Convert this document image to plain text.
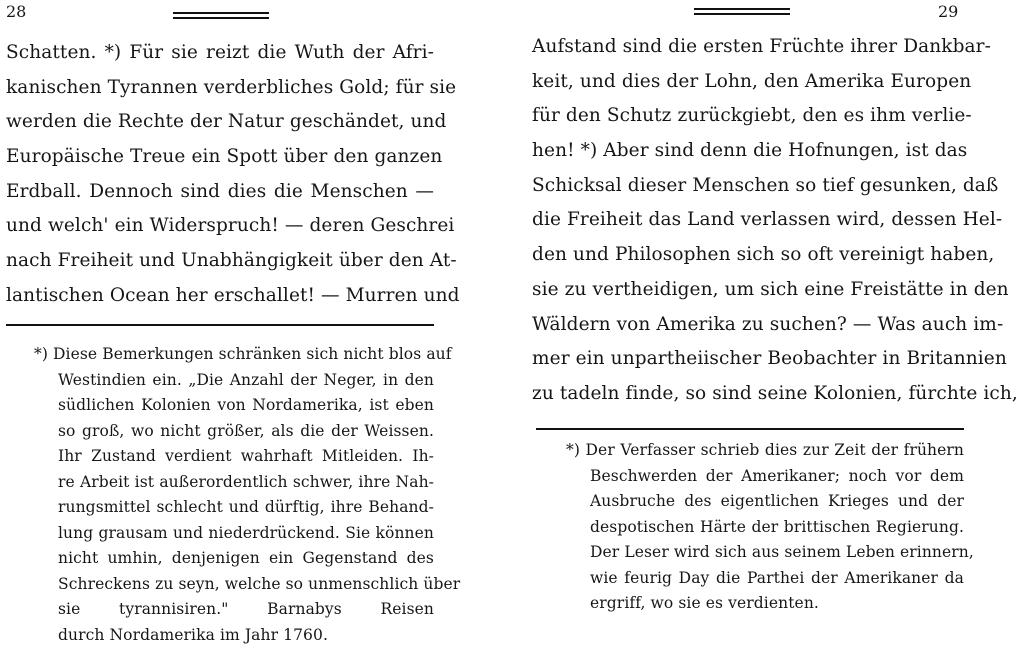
28
Schatten. *) Für sie reizt die Wuth der Afri-
kanischen Tyrannen verderbliches Gold; für sie
werden die Rechte der Natur geschändet, und
Europäische Treue ein Spott über den ganzen
Erdball. Dennoch sind dies die Menschen —
und welch' ein Widerspruch! — deren Geschrei
nach Freiheit und Unabhängigkeit über den At-
lantischen Ocean her erschallet! — Murren und
*) Diese Bemerkungen schränken sich nicht blos auf
Westindien ein. „Die Anzahl der Neger, in den
südlichen Kolonien von Nordamerika, ist eben
so groß, wo nicht größer, als die der Weissen.
Ihr Zustand verdient wahrhaft Mitleiden. Ih-
re Arbeit ist außerordentlich schwer, ihre Nah-
rungsmittel schlecht und dürftig, ihre Behand-
lung grausam und niederdrückend. Sie können
nicht umhin, denjenigen ein Gegenstand des
Schreckens zu seyn, welche so unmenschlich über
sie tyrannisiren." Barnabys Reisen
durch Nordamerika im Jahr 1760.
29
Aufstand sind die ersten Früchte ihrer Dankbar-
keit, und dies der Lohn, den Amerika Europen
für den Schutz zurückgiebt, den es ihm verlie-
hen! *) Aber sind denn die Hofnungen, ist das
Schicksal dieser Menschen so tief gesunken, daß
die Freiheit das Land verlassen wird, dessen Hel-
den und Philosophen sich so oft vereinigt haben,
sie zu vertheidigen, um sich eine Freistätte in den
Wäldern von Amerika zu suchen? — Was auch im-
mer ein unpartheiischer Beobachter in Britannien
zu tadeln finde, so sind seine Kolonien, fürchte ich,
*) Der Verfasser schrieb dies zur Zeit der frühern
Beschwerden der Amerikaner; noch vor dem
Ausbruche des eigentlichen Krieges und der
despotischen Härte der brittischen Regierung.
Der Leser wird sich aus seinem Leben erinnern,
wie feurig Day die Parthei der Amerikaner da
ergriff, wo sie es verdienten.
